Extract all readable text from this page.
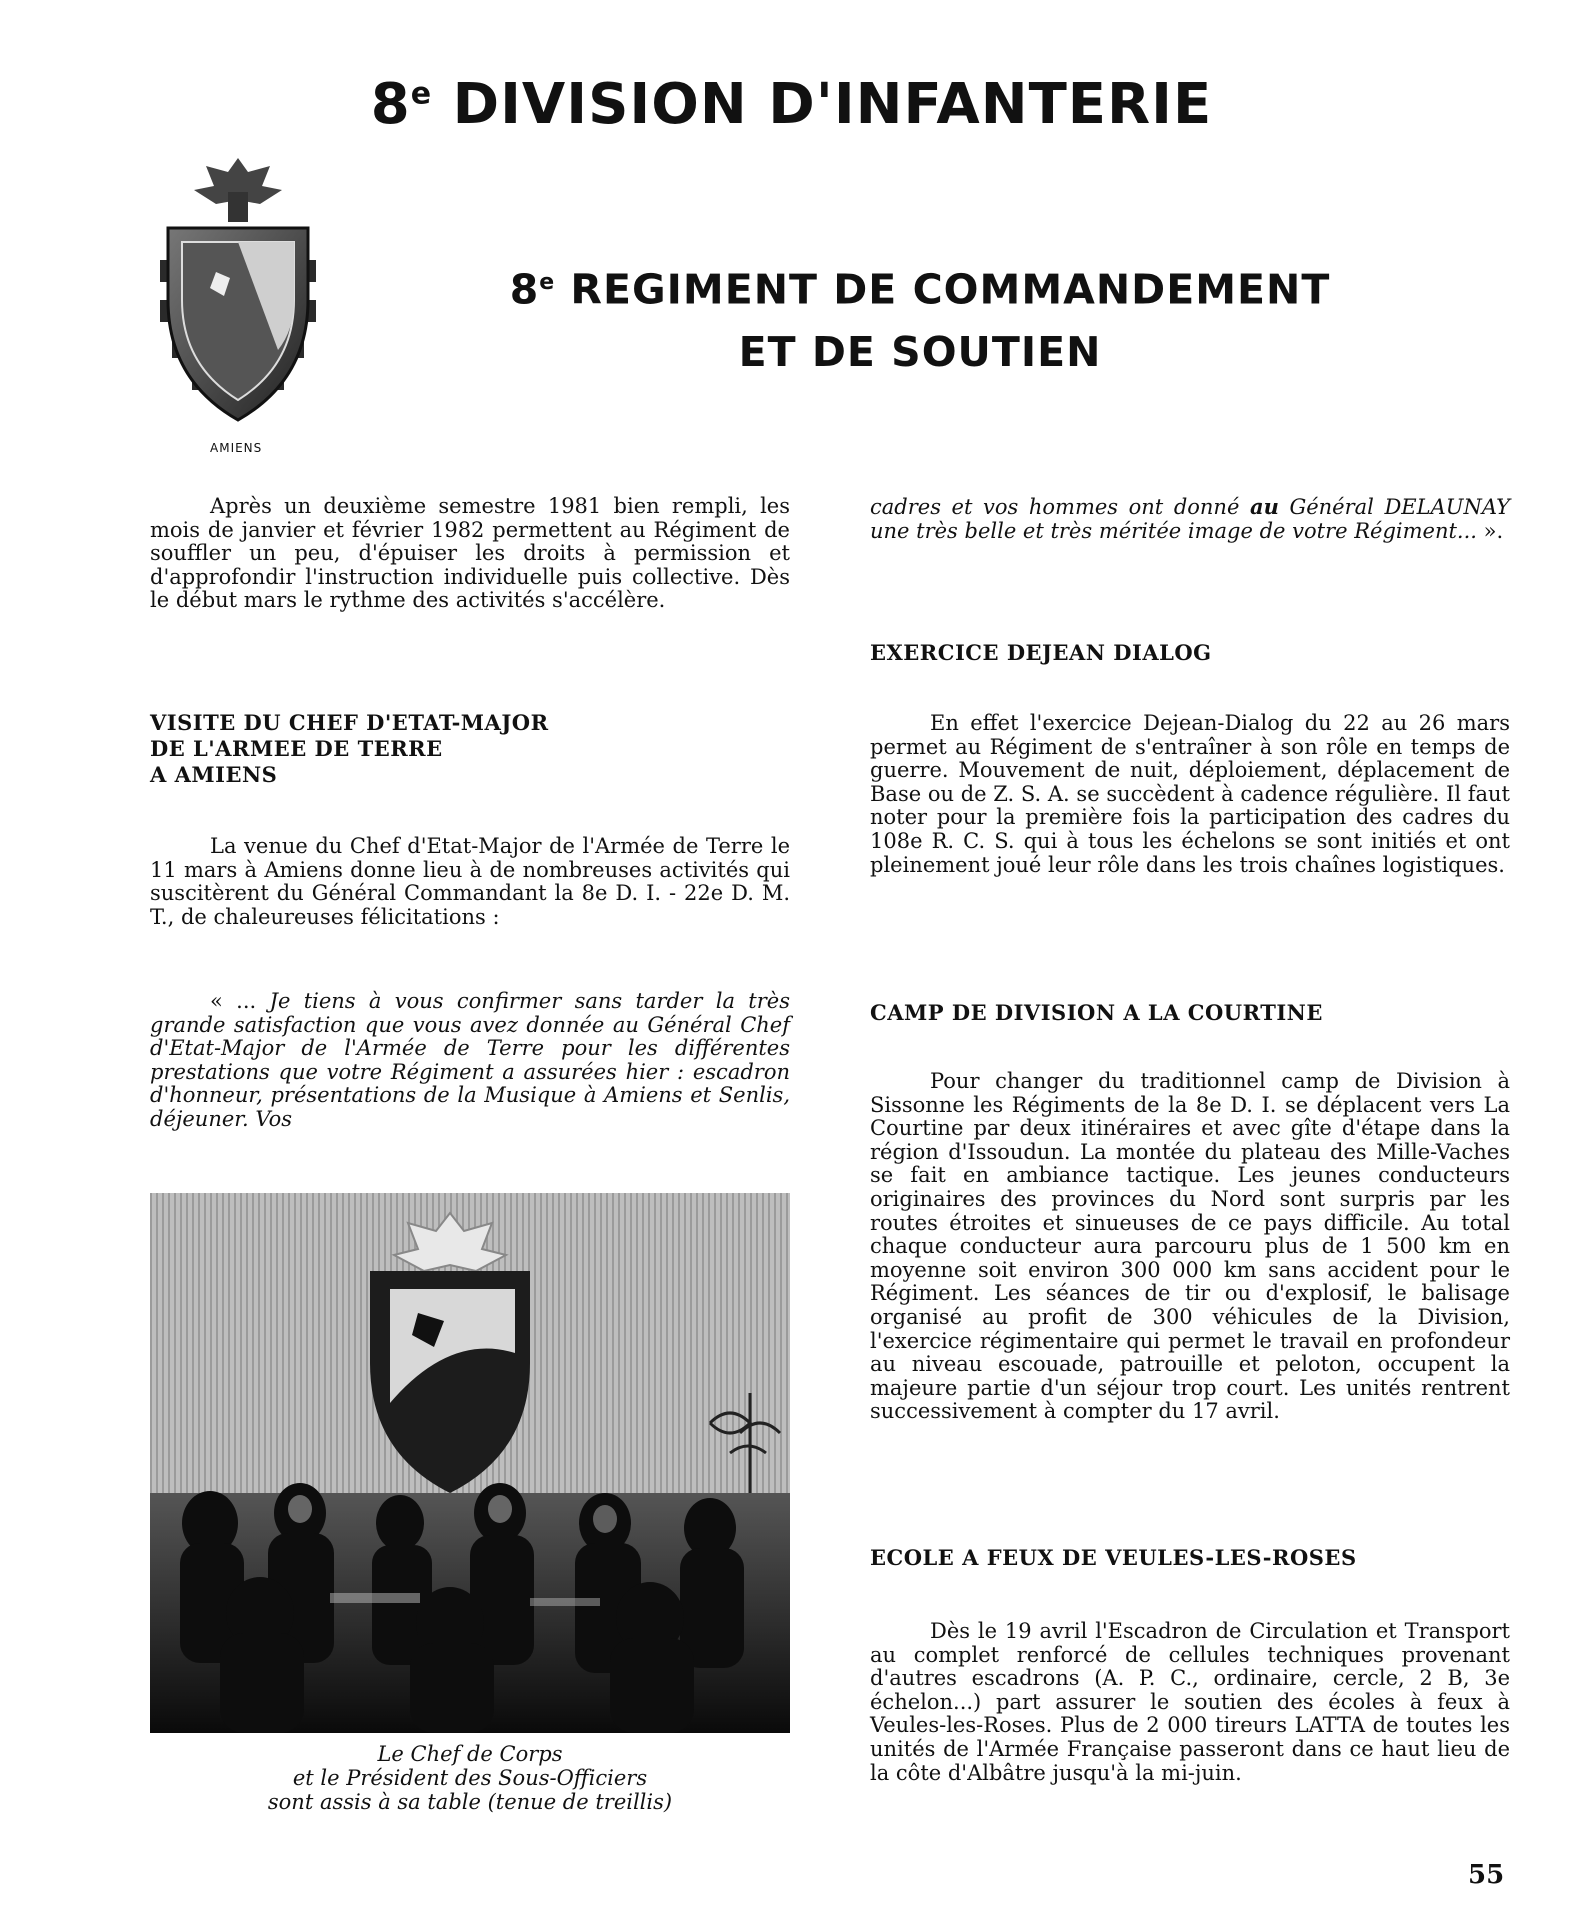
8e DIVISION D'INFANTERIE
8e REGIMENT DE COMMANDEMENT
ET DE SOUTIEN
AMIENS

Après un deuxième semestre 1981 bien rempli, les mois de janvier et février 1982 permettent au Régiment de souffler un peu, d'épuiser les droits à permission et d'approfondir l'instruction individuelle puis collective. Dès le début mars le rythme des activités s'accélère.

VISITE DU CHEF D'ETAT-MAJOR
DE L'ARMEE DE TERRE
A AMIENS

La venue du Chef d'Etat-Major de l'Armée de Terre le 11 mars à Amiens donne lieu à de nombreuses activités qui suscitèrent du Général Commandant la 8e D. I. - 22e D. M. T., de chaleureuses félicitations :

« ... Je tiens à vous confirmer sans tarder la très grande satisfaction que vous avez donnée au Général Chef d'Etat-Major de l'Armée de Terre pour les différentes prestations que votre Régiment a assurées hier : escadron d'honneur, présentations de la Musique à Amiens et Senlis, déjeuner. Vos

Le Chef de Corps
et le Président des Sous-Officiers
sont assis à sa table (tenue de treillis)

cadres et vos hommes ont donné au Général DELAUNAY une très belle et très méritée image de votre Régiment... ».

EXERCICE DEJEAN DIALOG

En effet l'exercice Dejean-Dialog du 22 au 26 mars permet au Régiment de s'entraîner à son rôle en temps de guerre. Mouvement de nuit, déploiement, déplacement de Base ou de Z. S. A. se succèdent à cadence régulière. Il faut noter pour la première fois la participation des cadres du 108e R. C. S. qui à tous les échelons se sont initiés et ont pleinement joué leur rôle dans les trois chaînes logistiques.

CAMP DE DIVISION A LA COURTINE

Pour changer du traditionnel camp de Division à Sissonne les Régiments de la 8e D. I. se déplacent vers La Courtine par deux itinéraires et avec gîte d'étape dans la région d'Issoudun. La montée du plateau des Mille-Vaches se fait en ambiance tactique. Les jeunes conducteurs originaires des provinces du Nord sont surpris par les routes étroites et sinueuses de ce pays difficile. Au total chaque conducteur aura parcouru plus de 1 500 km en moyenne soit environ 300 000 km sans accident pour le Régiment. Les séances de tir ou d'explosif, le balisage organisé au profit de 300 véhicules de la Division, l'exercice régimentaire qui permet le travail en profondeur au niveau escouade, patrouille et peloton, occupent la majeure partie d'un séjour trop court. Les unités rentrent successivement à compter du 17 avril.

ECOLE A FEUX DE VEULES-LES-ROSES

Dès le 19 avril l'Escadron de Circulation et Transport au complet renforcé de cellules techniques provenant d'autres escadrons (A. P. C., ordinaire, cercle, 2 B, 3e échelon...) part assurer le soutien des écoles à feux à Veules-les-Roses. Plus de 2 000 tireurs LATTA de toutes les unités de l'Armée Française passeront dans ce haut lieu de la côte d'Albâtre jusqu'à la mi-juin.

55
